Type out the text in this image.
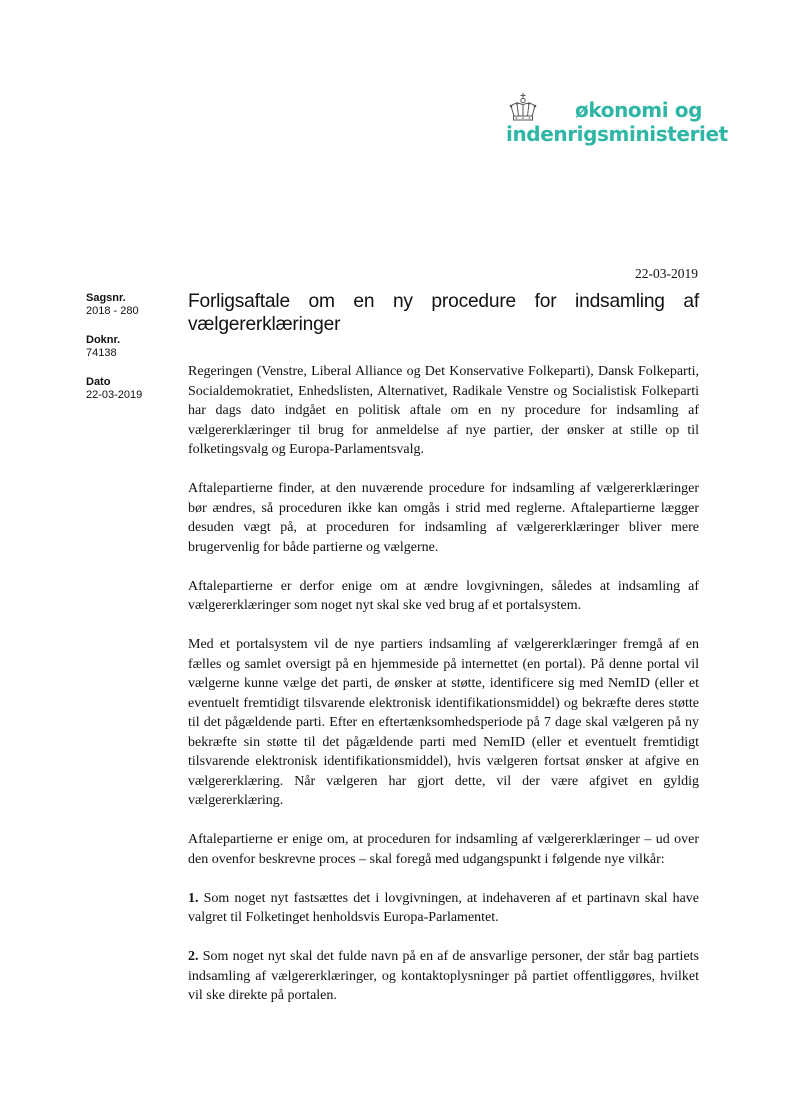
økonomi og
indenrigsministeriet
22-03-2019
Sagsnr.
2018 - 280
Doknr.
74138
Dato
22-03-2019
Forligsaftale om en ny procedure for indsamling af vælgererklæringer

Regeringen (Venstre, Liberal Alliance og Det Konservative Folkeparti), Dansk Folkeparti, Socialdemokratiet, Enhedslisten, Alternativet, Radikale Venstre og Socialistisk Folkeparti har dags dato indgået en politisk aftale om en ny procedure for indsamling af vælgererklæringer til brug for anmeldelse af nye partier, der ønsker at stille op til folketingsvalg og Europa-Parlamentsvalg.

Aftalepartierne finder, at den nuværende procedure for indsamling af vælgererklæringer bør ændres, så proceduren ikke kan omgås i strid med reglerne. Aftalepartierne lægger desuden vægt på, at proceduren for indsamling af vælgererklæringer bliver mere brugervenlig for både partierne og vælgerne.

Aftalepartierne er derfor enige om at ændre lovgivningen, således at indsamling af vælgererklæringer som noget nyt skal ske ved brug af et portalsystem.

Med et portalsystem vil de nye partiers indsamling af vælgererklæringer fremgå af en fælles og samlet oversigt på en hjemmeside på internettet (en portal). På denne portal vil vælgerne kunne vælge det parti, de ønsker at støtte, identificere sig med NemID (eller et eventuelt fremtidigt tilsvarende elektronisk identifikationsmiddel) og bekræfte deres støtte til det pågældende parti. Efter en eftertænksomhedsperiode på 7 dage skal vælgeren på ny bekræfte sin støtte til det pågældende parti med NemID (eller et eventuelt fremtidigt tilsvarende elektronisk identifikationsmiddel), hvis vælgeren fortsat ønsker at afgive en vælgererklæring. Når vælgeren har gjort dette, vil der være afgivet en gyldig vælgererklæring.

Aftalepartierne er enige om, at proceduren for indsamling af vælgererklæringer – ud over den ovenfor beskrevne proces – skal foregå med udgangspunkt i følgende nye vilkår:

1. Som noget nyt fastsættes det i lovgivningen, at indehaveren af et partinavn skal have valgret til Folketinget henholdsvis Europa-Parlamentet.

2. Som noget nyt skal det fulde navn på en af de ansvarlige personer, der står bag partiets indsamling af vælgererklæringer, og kontaktoplysninger på partiet offentliggøres, hvilket vil ske direkte på portalen.
